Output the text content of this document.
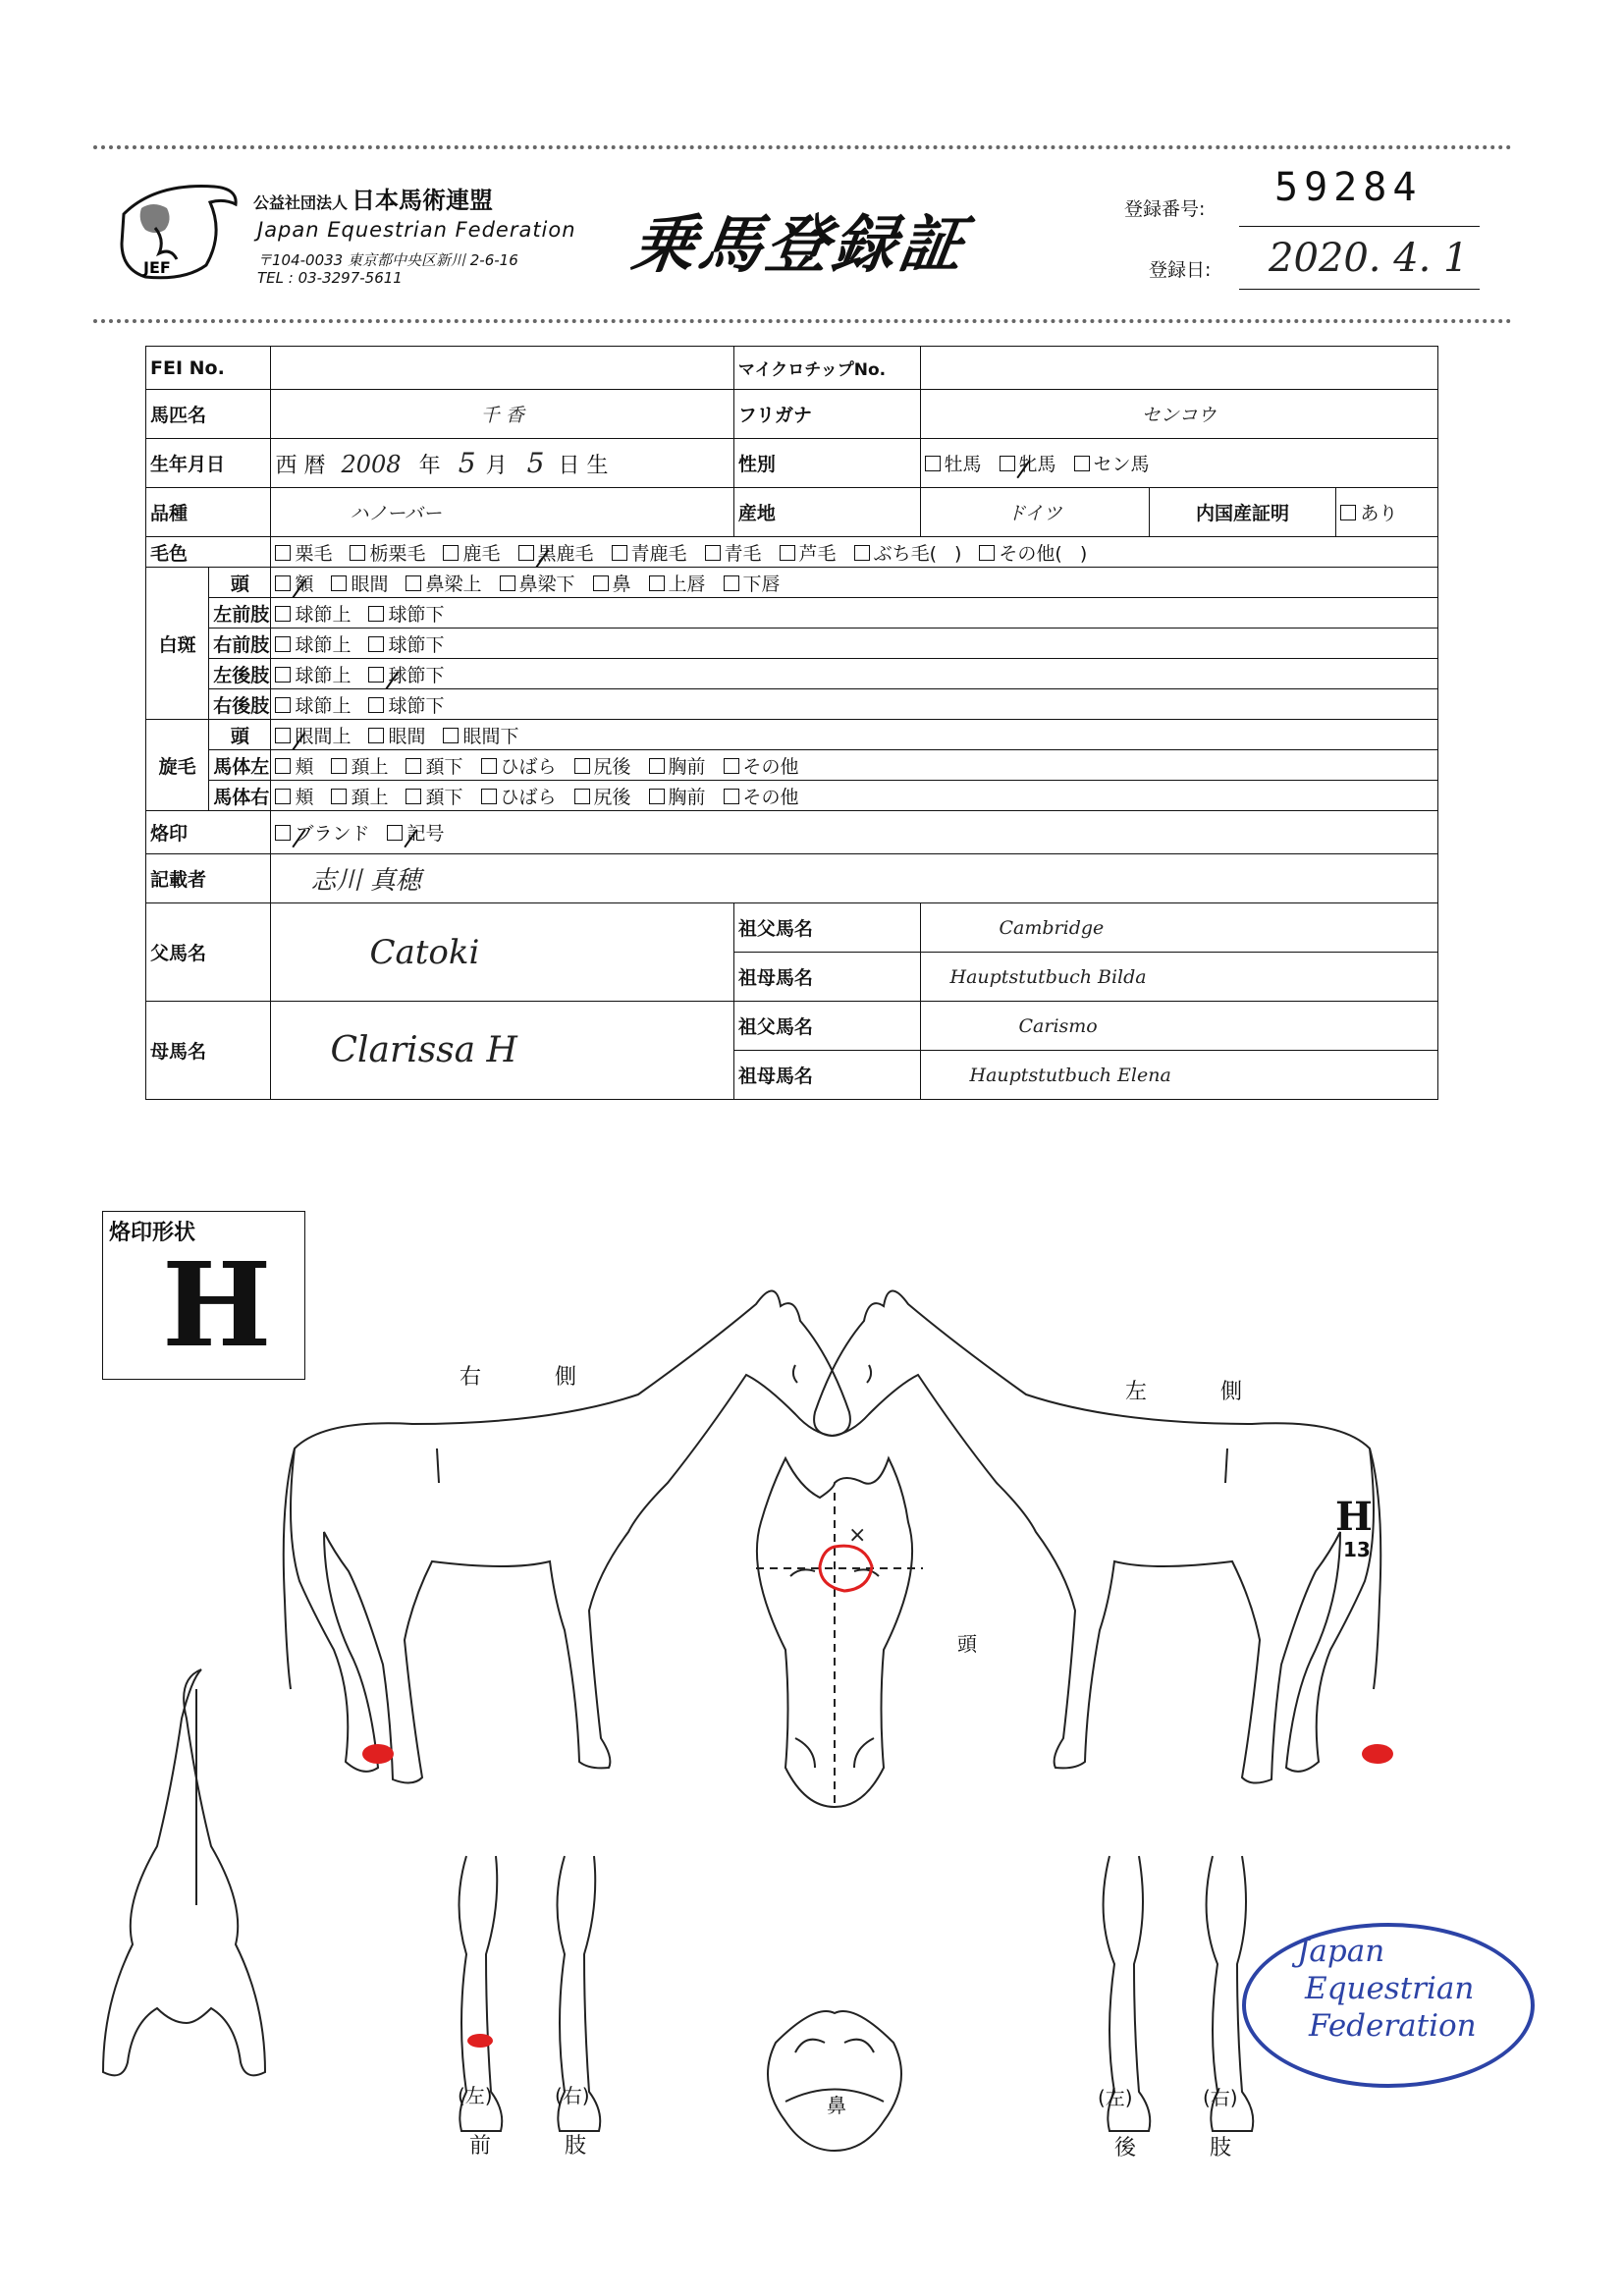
JEF
公益社団法人 日本馬術連盟
Japan Equestrian Federation
〒104-0033 東京都中央区新川 2-6-16
TEL : 03-3297-5611	乗馬登録証	登録番号: 59284
登録日: 2020. 4. 1
FEI No.			マイクロチップNo.			
馬匹名		千 香	フリガナ	センコウ		
生年月日		西 暦 2008 年 5 月 5 日 生	性別	牡馬 牝馬 セン馬		
品種		ハノーバー	産地	ドイツ	内国産証明	あり
毛色		栗毛 栃栗毛 鹿毛 黒鹿毛 青鹿毛 青毛 芦毛 ぶち毛( ) その他( )				
白斑	頭	額 眼間 鼻梁上 鼻梁下 鼻 上唇 下唇				
	左前肢	球節上 球節下				
	右前肢	球節上 球節下				
	左後肢	球節上 球節下				
	右後肢	球節上 球節下				
旋毛	頭	眼間上 眼間 眼間下				
	馬体左	頬 頚上 頚下 ひばら 尻後 胸前 その他				
	馬体右	頬 頚上 頚下 ひばら 尻後 胸前 その他				
烙印		ブランド 記号				
記載者		志川 真穂				
父馬名		Catoki	祖父馬名	Cambridge		
			祖母馬名	Hauptstutbuch Bilda		
母馬名		Clarissa H	祖父馬名	Carismo		
			祖母馬名	Hauptstutbuch Elena		
烙印形状
H
右 側
左 側
頭
×	H
13
(左)	(右)
前 肢
鼻	(左)	(右)
後 肢
Japan
Equestrian
Federation
